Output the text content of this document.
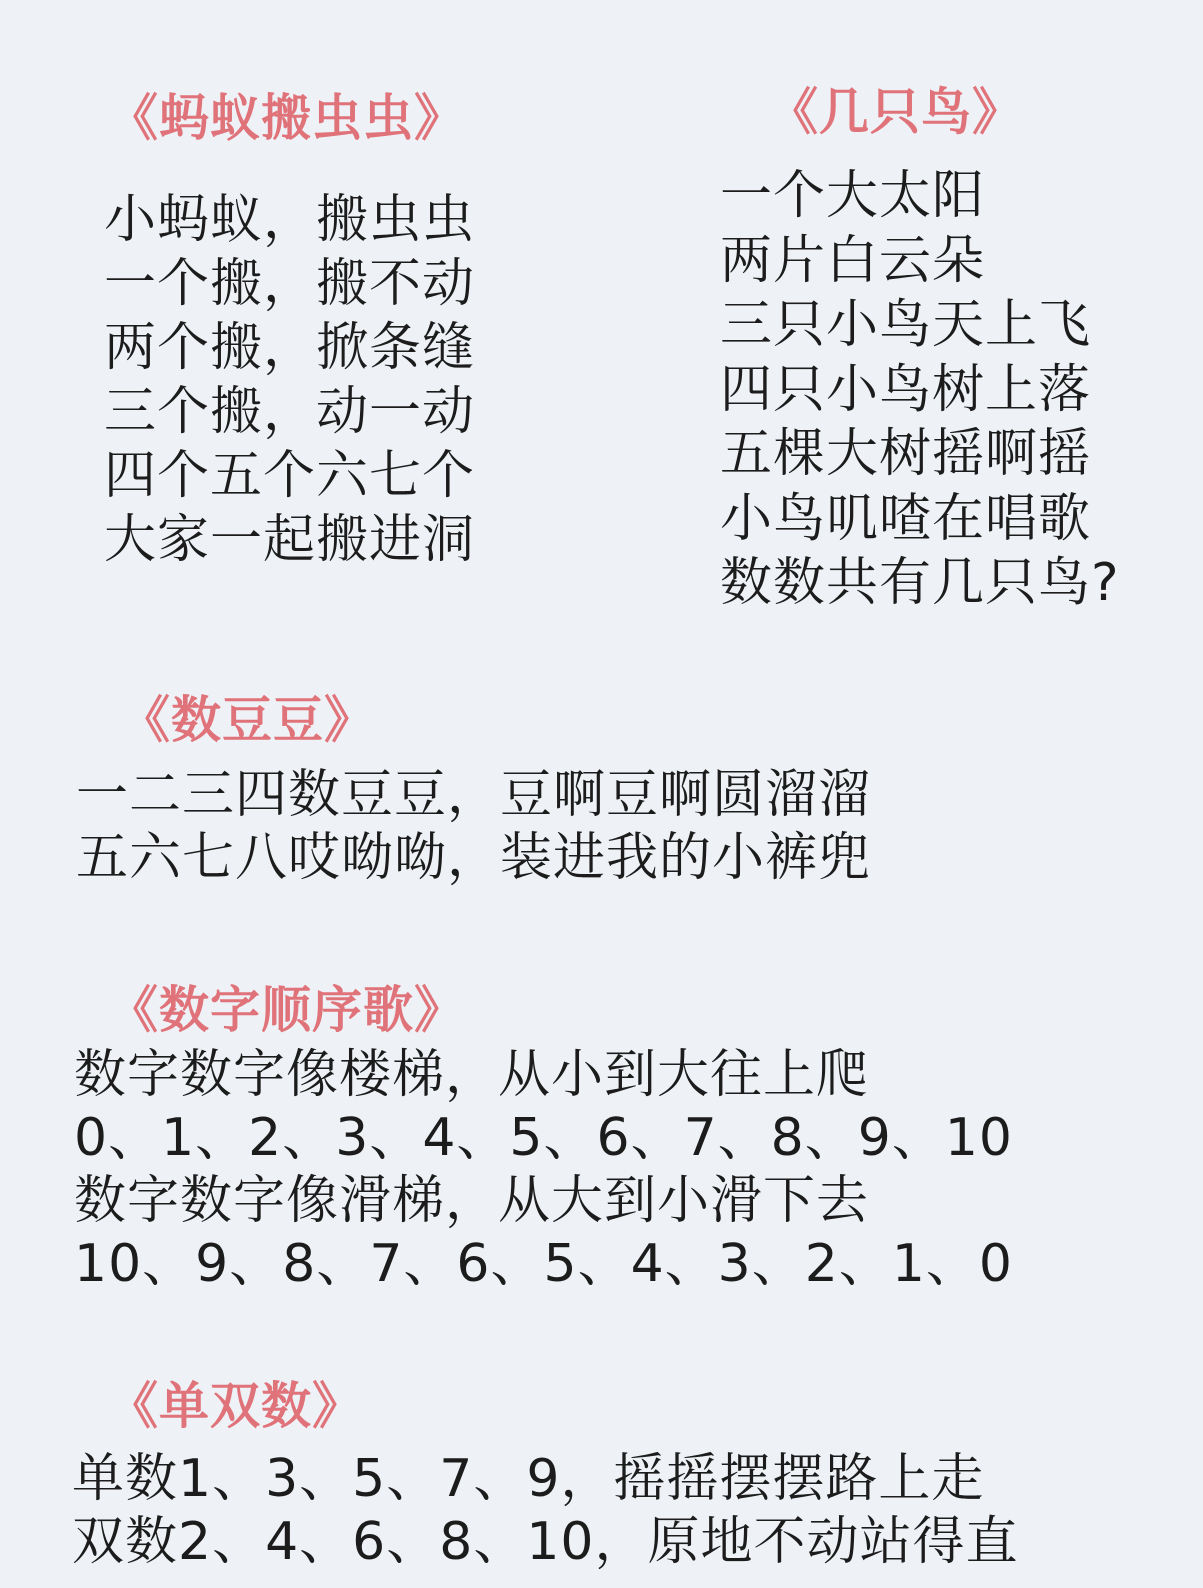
《蚂蚁搬虫虫》
小蚂蚁，搬虫虫
一个搬，搬不动
两个搬，掀条缝
三个搬，动一动
四个五个六七个
大家一起搬进洞
《几只鸟》
一个大太阳
两片白云朵
三只小鸟天上飞
四只小鸟树上落
五棵大树摇啊摇
小鸟叽喳在唱歌
数数共有几只鸟?
《数豆豆》
一二三四数豆豆，豆啊豆啊圆溜溜
五六七八哎呦呦，装进我的小裤兜
《数字顺序歌》
数字数字像楼梯，从小到大往上爬
0、1、2、3、4、5、6、7、8、9、10
数字数字像滑梯，从大到小滑下去
10、9、8、7、6、5、4、3、2、1、0
《单双数》
单数1、3、5、7、9，摇摇摆摆路上走
双数2、4、6、8、10，原地不动站得直
